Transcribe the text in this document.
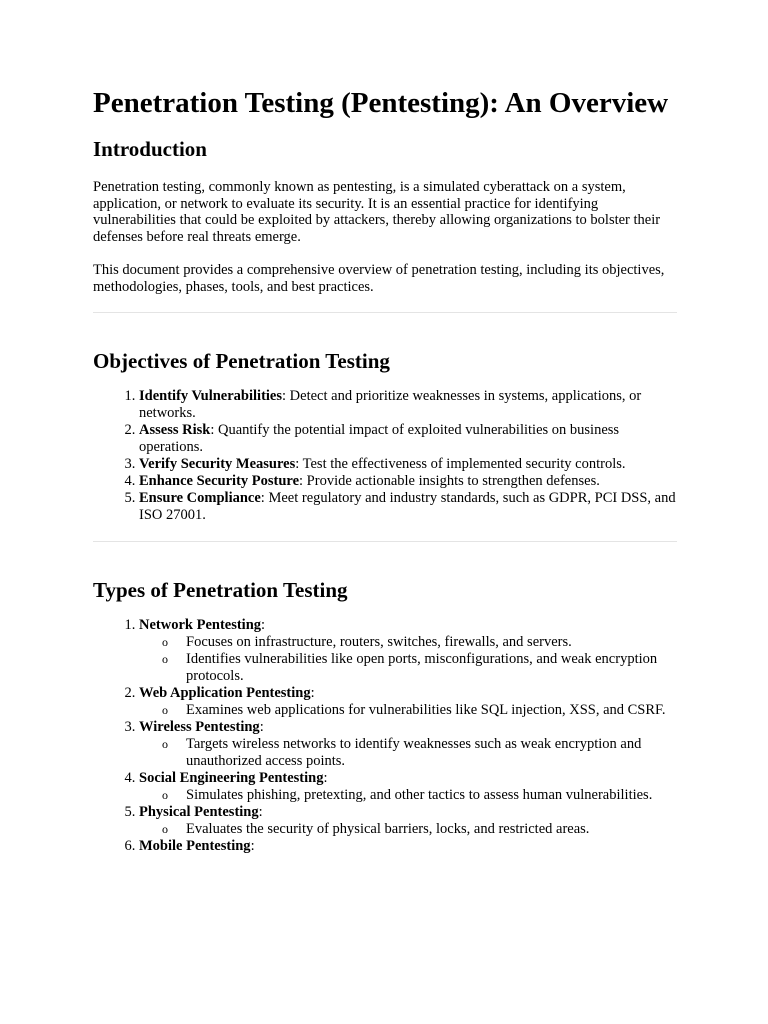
Penetration Testing (Pentesting): An Overview
Introduction

Penetration testing, commonly known as pentesting, is a simulated cyberattack on a system, application, or network to evaluate its security. It is an essential practice for identifying vulnerabilities that could be exploited by attackers, thereby allowing organizations to bolster their defenses before real threats emerge.

This document provides a comprehensive overview of penetration testing, including its objectives, methodologies, phases, tools, and best practices.

Objectives of Penetration Testing
1. Identify Vulnerabilities: Detect and prioritize weaknesses in systems, applications, or networks.
2. Assess Risk: Quantify the potential impact of exploited vulnerabilities on business operations.
3. Verify Security Measures: Test the effectiveness of implemented security controls.
4. Enhance Security Posture: Provide actionable insights to strengthen defenses.
5. Ensure Compliance: Meet regulatory and industry standards, such as GDPR, PCI DSS, and ISO 27001.
Types of Penetration Testing
1. Network Pentesting:
o Focuses on infrastructure, routers, switches, firewalls, and servers.
o Identifies vulnerabilities like open ports, misconfigurations, and weak encryption protocols.
2. Web Application Pentesting:
o Examines web applications for vulnerabilities like SQL injection, XSS, and CSRF.
3. Wireless Pentesting:
o Targets wireless networks to identify weaknesses such as weak encryption and unauthorized access points.
4. Social Engineering Pentesting:
o Simulates phishing, pretexting, and other tactics to assess human vulnerabilities.
5. Physical Pentesting:
o Evaluates the security of physical barriers, locks, and restricted areas.
6. Mobile Pentesting:
